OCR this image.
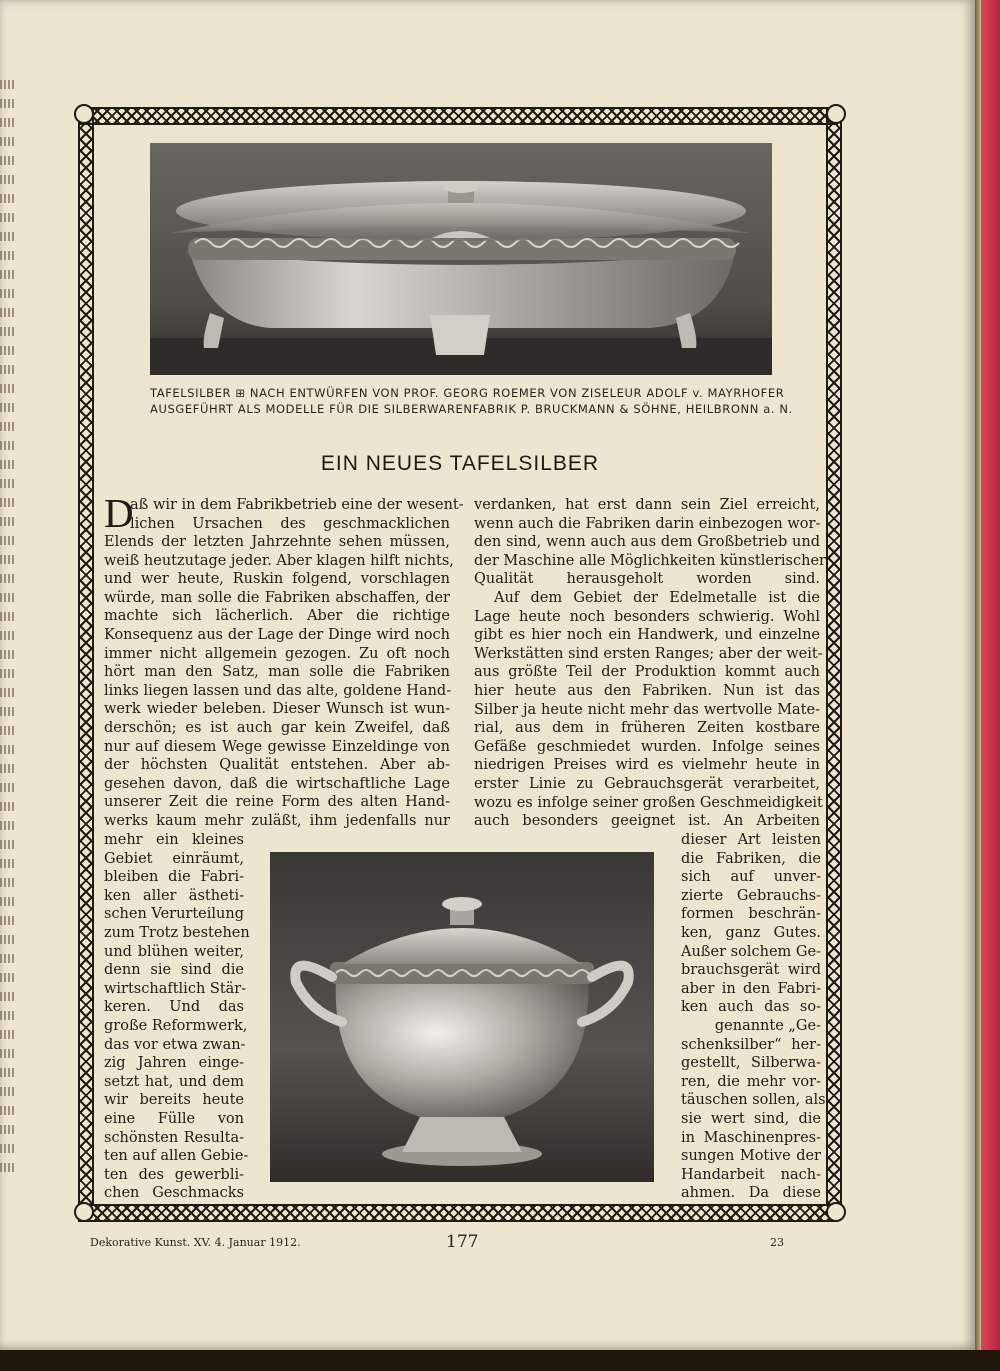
TAFELSILBER ⊞ NACH ENTWÜRFEN VON PROF. GEORG ROEMER VON ZISELEUR ADOLF v. MAYRHOFER

AUSGEFÜHRT ALS MODELLE FÜR DIE SILBERWARENFABRIK P. BRUCKMANN & SÖHNE, HEILBRONN a. N.

EIN NEUES TAFELSILBER
D

aß wir in dem Fabrikbetrieb eine der wesent-

lichen Ursachen des geschmacklichen

Elends der letzten Jahrzehnte sehen müssen,

weiß heutzutage jeder. Aber klagen hilft nichts,

und wer heute, Ruskin folgend, vorschlagen

würde, man solle die Fabriken abschaffen, der

machte sich lächerlich. Aber die richtige

Konsequenz aus der Lage der Dinge wird noch

immer nicht allgemein gezogen. Zu oft noch

hört man den Satz, man solle die Fabriken

links liegen lassen und das alte, goldene Hand-

werk wieder beleben. Dieser Wunsch ist wun-

derschön; es ist auch gar kein Zweifel, daß

nur auf diesem Wege gewisse Einzeldinge von

der höchsten Qualität entstehen. Aber ab-

gesehen davon, daß die wirtschaftliche Lage

unserer Zeit die reine Form des alten Hand-

werks kaum mehr zuläßt, ihm jedenfalls nur

mehr ein kleines

Gebiet einräumt,

bleiben die Fabri-

ken aller ästheti-

schen Verurteilung

zum Trotz bestehen

und blühen weiter,

denn sie sind die

wirtschaftlich Stär-

keren. Und das

große Reformwerk,

das vor etwa zwan-

zig Jahren einge-

setzt hat, und dem

wir bereits heute

eine Fülle von

schönsten Resulta-

ten auf allen Gebie-

ten des gewerbli-

chen Geschmacks

verdanken, hat erst dann sein Ziel erreicht,

wenn auch die Fabriken darin einbezogen wor-

den sind, wenn auch aus dem Großbetrieb und

der Maschine alle Möglichkeiten künstlerischer

Qualität herausgeholt worden sind.

Auf dem Gebiet der Edelmetalle ist die

Lage heute noch besonders schwierig. Wohl

gibt es hier noch ein Handwerk, und einzelne

Werkstätten sind ersten Ranges; aber der weit-

aus größte Teil der Produktion kommt auch

hier heute aus den Fabriken. Nun ist das

Silber ja heute nicht mehr das wertvolle Mate-

rial, aus dem in früheren Zeiten kostbare

Gefäße geschmiedet wurden. Infolge seines

niedrigen Preises wird es vielmehr heute in

erster Linie zu Gebrauchsgerät verarbeitet,

wozu es infolge seiner großen Geschmeidigkeit

auch besonders geeignet ist. An Arbeiten

dieser Art leisten

die Fabriken, die

sich auf unver-

zierte Gebrauchs-

formen beschrän-

ken, ganz Gutes.

Außer solchem Ge-

brauchsgerät wird

aber in den Fabri-

ken auch das so-

genannte „Ge-

schenksilber“ her-

gestellt, Silberwa-

ren, die mehr vor-

täuschen sollen, als

sie wert sind, die

in Maschinenpres-

sungen Motive der

Handarbeit nach-

ahmen. Da diese

Dekorative Kunst. XV. 4. Januar 1912.	177	23
